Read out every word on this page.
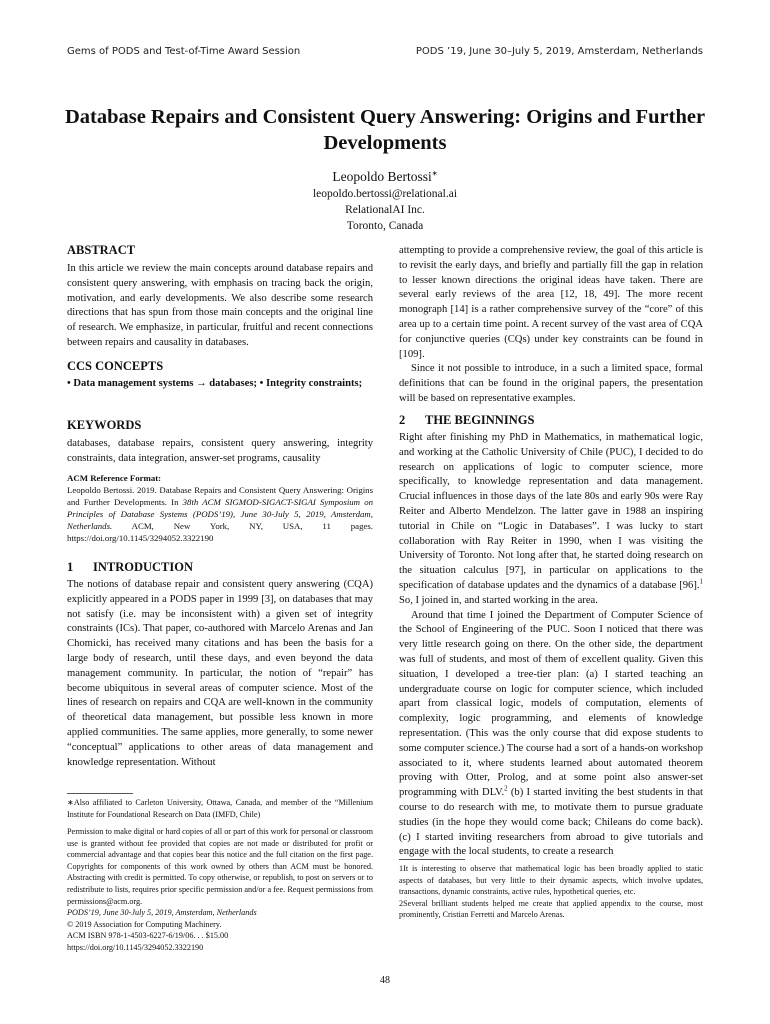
Gems of PODS and Test-of-Time Award Session	PODS ’19, June 30–July 5, 2019, Amsterdam, Netherlands
Database Repairs and Consistent Query Answering: Origins and Further Developments
Leopoldo Bertossi∗
leopoldo.bertossi@relational.ai
RelationalAI Inc.
Toronto, Canada
ABSTRACT
In this article we review the main concepts around database repairs and consistent query answering, with emphasis on tracing back the origin, motivation, and early developments. We also describe some research directions that has spun from those main concepts and the original line of research. We emphasize, in particular, fruitful and recent connections between repairs and causality in databases.
CCS CONCEPTS
• Data management systems → databases; • Integrity constraints;
KEYWORDS
databases, database repairs, consistent query answering, integrity constraints, data integration, answer-set programs, causality
ACM Reference Format:
Leopoldo Bertossi. 2019. Database Repairs and Consistent Query Answering: Origins and Further Developments. In 38th ACM SIGMOD-SIGACT-SIGAI Symposium on Principles of Database Systems (PODS’19), June 30-July 5, 2019, Amsterdam, Netherlands. ACM, New York, NY, USA, 11 pages. https://doi.org/10.1145/3294052.3322190
1 INTRODUCTION
The notions of database repair and consistent query answering (CQA) explicitly appeared in a PODS paper in 1999 [3], on databases that may not satisfy (i.e. may be inconsistent with) a given set of integrity constraints (ICs). That paper, co-authored with Marcelo Arenas and Jan Chomicki, has received many citations and has been the basis for a large body of research, until these days, and even beyond the data management community. In particular, the notion of “repair” has become ubiquitous in several areas of computer science. Most of the lines of research on repairs and CQA are well-known in the community of theoretical data management, but possible less known in more applied communities. The same applies, more generally, to some newer “conceptual” applications to other areas of data management and knowledge representation. Without
∗Also affiliated to Carleton University, Ottawa, Canada, and member of the “Millenium Institute for Foundational Research on Data (IMFD, Chile)
Permission to make digital or hard copies of all or part of this work for personal or classroom use is granted without fee provided that copies are not made or distributed for profit or commercial advantage and that copies bear this notice and the full citation on the first page. Copyrights for components of this work owned by others than ACM must be honored. Abstracting with credit is permitted. To copy otherwise, or republish, to post on servers or to redistribute to lists, requires prior specific permission and/or a fee. Request permissions from permissions@acm.org.
PODS’19, June 30-July 5, 2019, Amsterdam, Netherlands
© 2019 Association for Computing Machinery.
ACM ISBN 978-1-4503-6227-6/19/06. . . $15.00
https://doi.org/10.1145/3294052.3322190

attempting to provide a comprehensive review, the goal of this article is to revisit the early days, and briefly and partially fill the gap in relation to lesser known directions the original ideas have taken. There are several early reviews of the area [12, 18, 49]. The more recent monograph [14] is a rather comprehensive survey of the “core” of this area up to a certain time point. A recent survey of the vast area of CQA for conjunctive queries (CQs) under key constraints can be found in [109].

Since it not possible to introduce, in a such a limited space, formal definitions that can be found in the original papers, the presentation will be based on representative examples.

2 THE BEGINNINGS

Right after finishing my PhD in Mathematics, in mathematical logic, and working at the Catholic University of Chile (PUC), I decided to do research on applications of logic to computer science, more specifically, to knowledge representation and data management. Crucial influences in those days of the late 80s and early 90s were Ray Reiter and Alberto Mendelzon. The latter gave in 1988 an inspiring tutorial in Chile on “Logic in Databases”. I was lucky to start collaboration with Ray Reiter in 1990, when I was visiting the University of Toronto. Not long after that, he started doing research on the situation calculus [97], in particular on applications to the specification of database updates and the dynamics of a database [96].$^1$ So, I joined in, and started working in the area.

Around that time I joined the Department of Computer Science of the School of Engineering of the PUC. Soon I noticed that there was very little research going on there. On the other side, the department was full of students, and most of them of excellent quality. Given this situation, I developed a tree-tier plan: (a) I started teaching an undergraduate course on logic for computer science, which included apart from classical logic, models of computation, elements of complexity, logic programming, and elements of knowledge representation. (This was the only course that did expose students to some computer science.) The course had a sort of a hands-on workshop associated to it, where students learned about automated theorem proving with Otter, Prolog, and at some point also answer-set programming with DLV.$^2$ (b) I started inviting the best students in that course to do research with me, to motivate them to pursue graduate studies (in the hope they would come back; Chileans do come back). (c) I started inviting researchers from abroad to give tutorials and engage with the local students, to create a research

1It is interesting to observe that mathematical logic has been broadly applied to static aspects of databases, but very little to their dynamic aspects, which involve updates, transactions, dynamic constraints, active rules, hypothetical queries, etc.
2Several brilliant students helped me create that applied appendix to the course, most prominently, Cristian Ferretti and Marcelo Arenas.
48
